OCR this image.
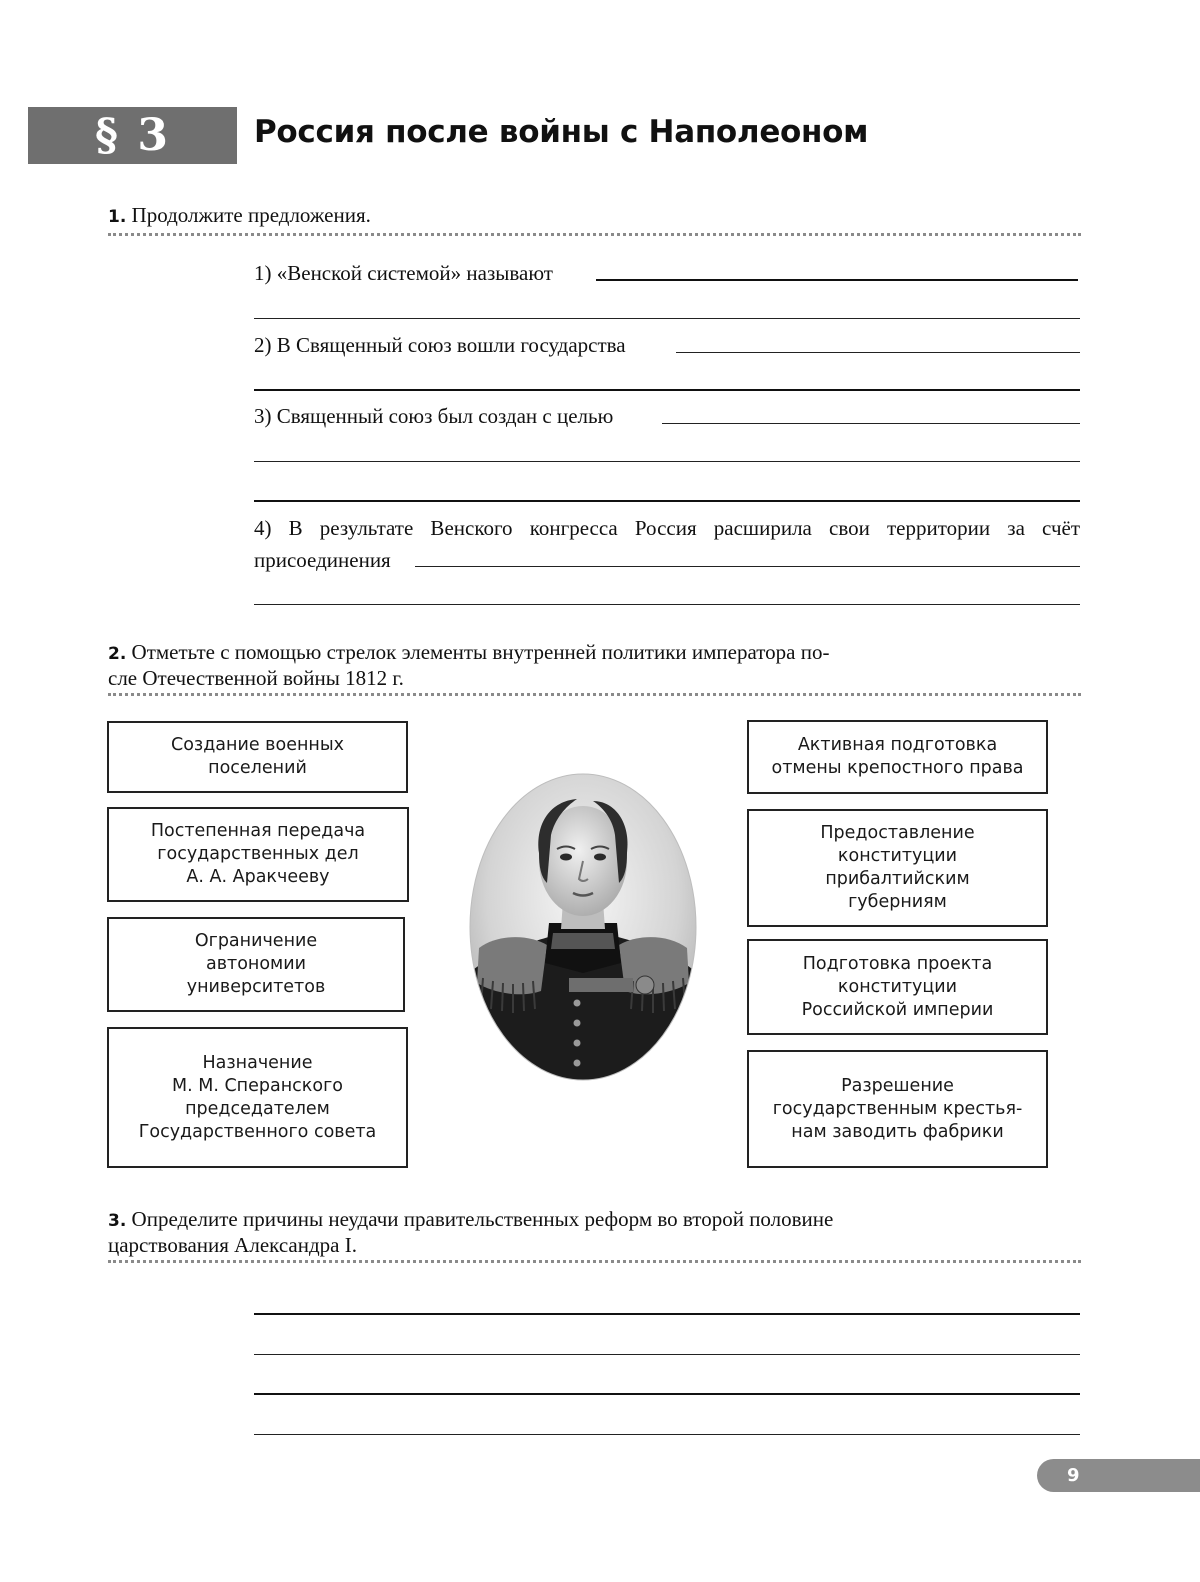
§ 3	Россия после войны с Наполеоном
1. Продолжите предложения.
1) «Венской системой» называют
2) В Священный союз вошли государства
3) Священный союз был создан с целью
4) В результате Венского конгресса Россия расширила свои территории за счёт
присоединения
2. Отметьте с помощью стрелок элементы внутренней политики императора по-
сле Отечественной войны 1812 г.
Создание военных
поселений
Постепенная передача
государственных дел
А. А. Аракчееву
Ограничение
автономии
университетов
Назначение
М. М. Сперанского
председателем
Государственного совета
Активная подготовка
отмены крепостного права
Предоставление
конституции
прибалтийским
губерниям
Подготовка проекта
конституции
Российской империи
Разрешение
государственным крестья-
нам заводить фабрики
3. Определите причины неудачи правительственных реформ во второй половине
царствования Александра I.
9
